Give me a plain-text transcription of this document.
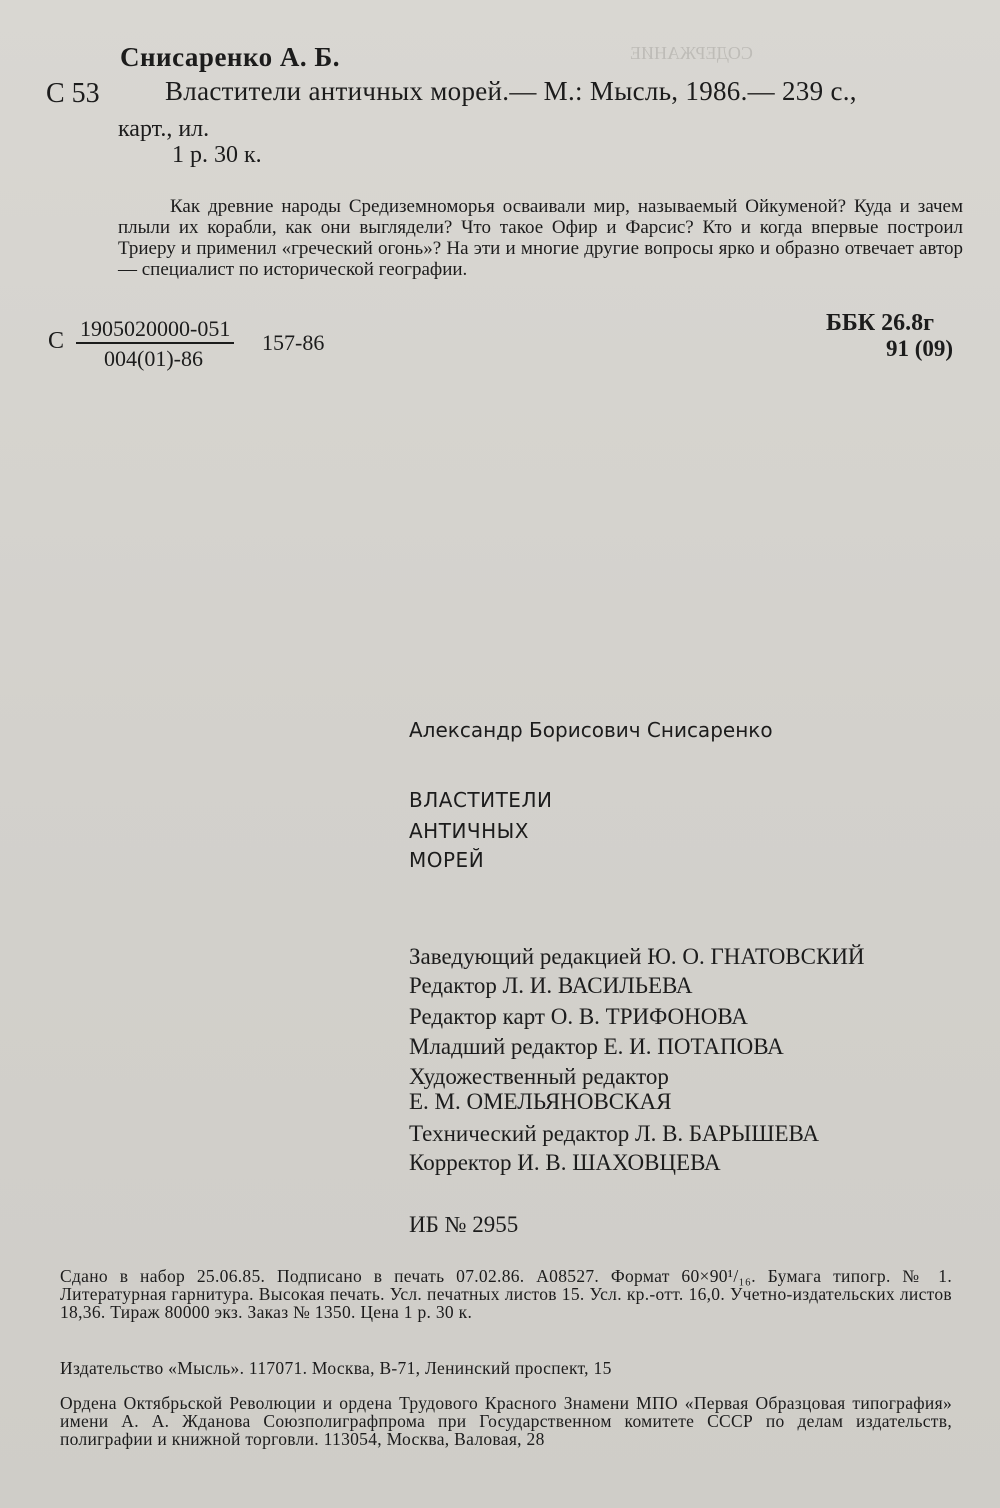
СОДЕРЖАНИЕ
Снисаренко А. Б.
С 53 Властители античных морей.— М.: Мысль, 1986.— 239 с.,
карт., ил.
1 р. 30 к.
Как древние народы Средиземноморья осваивали мир, называемый Ойкуменой? Куда и зачем плыли их корабли, как они выглядели? Что такое Офир и Фарсис? Кто и когда впервые построил Триеру и применил «греческий огонь»? На эти и многие другие вопросы ярко и образно отвечает автор — специалист по исторической географии.
С 1905020000-051
004(01)-86
157-86
ББК 26.8г
91 (09)
Александр Борисович Снисаренко
ВЛАСТИТЕЛИ
АНТИЧНЫХ
МОРЕЙ
Заведующий редакцией Ю. О. ГНАТОВСКИЙ
Редактор Л. И. ВАСИЛЬЕВА
Редактор карт О. В. ТРИФОНОВА
Младший редактор Е. И. ПОТАПОВА
Художественный редактор
Е. М. ОМЕЛЬЯНОВСКАЯ
Технический редактор Л. В. БАРЫШЕВА
Корректор И. В. ШАХОВЦЕВА
ИБ № 2955
Сдано в набор 25.06.85. Подписано в печать 07.02.86. А08527. Формат 60×90¹/₁₆. Бумага типогр. № 1. Литературная гарнитура. Высокая печать. Усл. печатных листов 15. Усл. кр.-отт. 16,0. Учетно-издательских листов 18,36. Тираж 80000 экз. Заказ № 1350. Цена 1 р. 30 к.
Издательство «Мысль». 117071. Москва, В-71, Ленинский проспект, 15
Ордена Октябрьской Революции и ордена Трудового Красного Знамени МПО «Первая Образцовая типография» имени А. А. Жданова Союзполиграфпрома при Государственном комитете СССР по делам издательств, полиграфии и книжной торговли. 113054, Москва, Валовая, 28
